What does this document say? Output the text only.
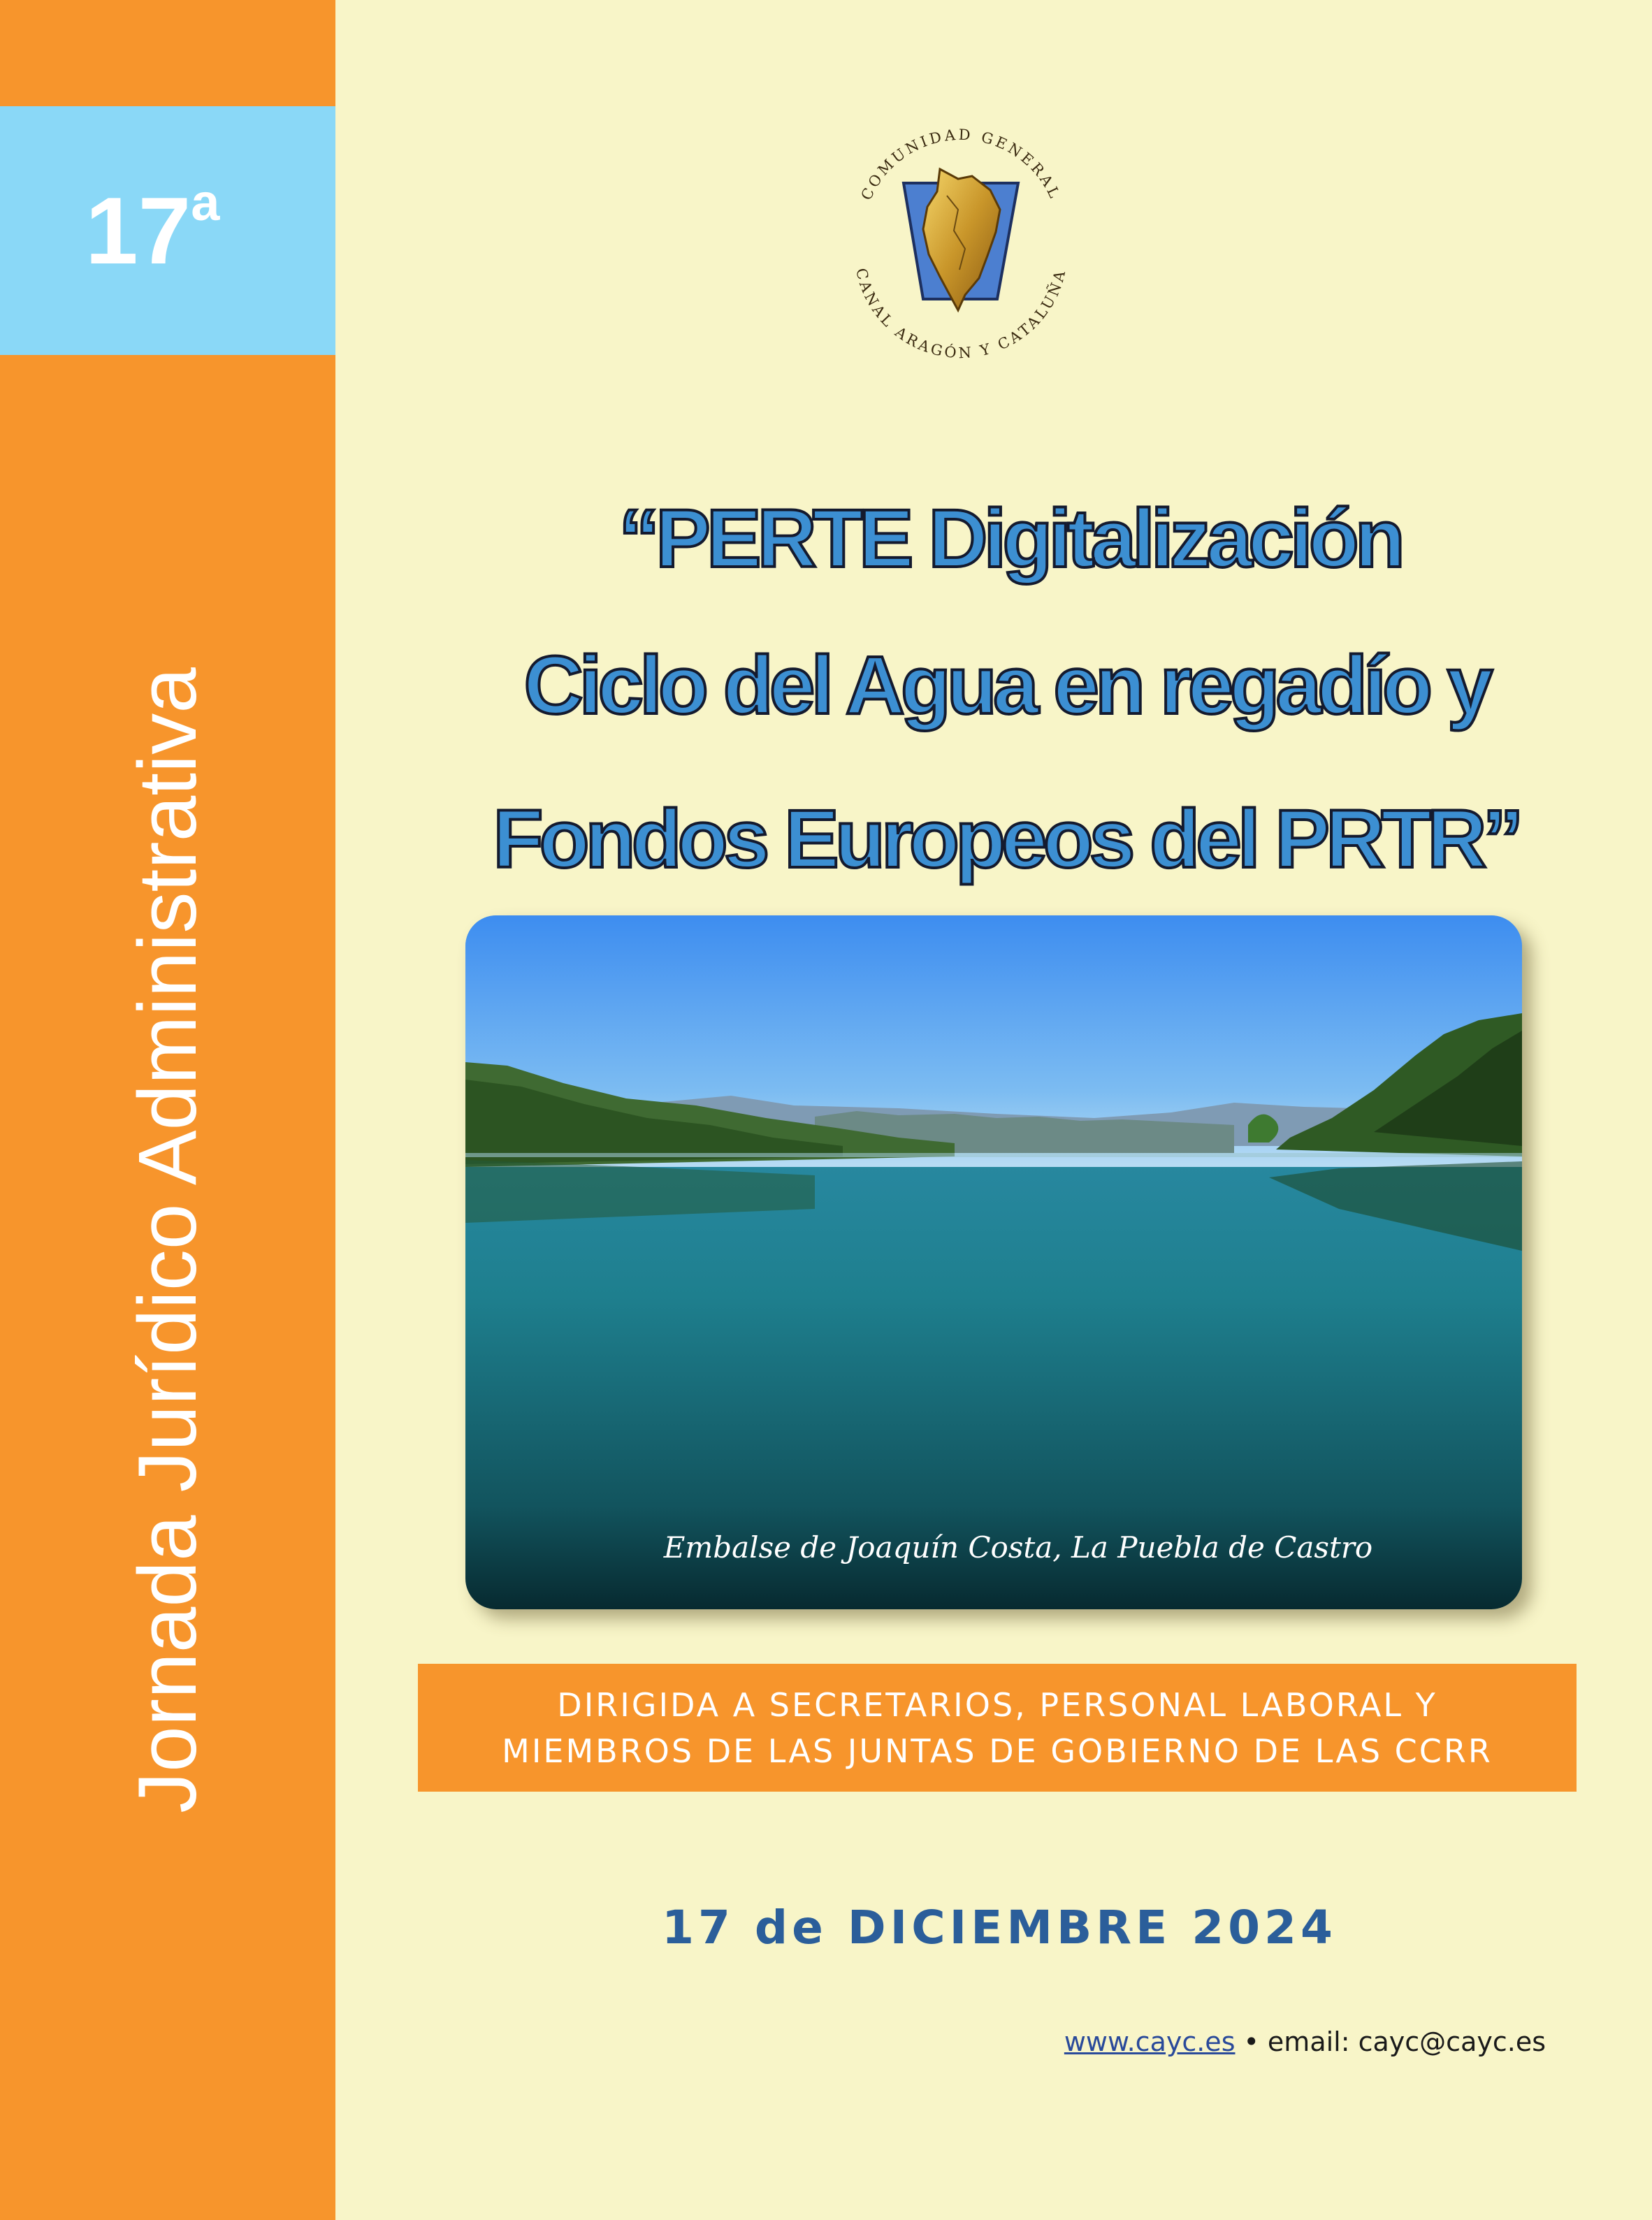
17$^a$
Jornada Jurídico Administrativa
COMUNIDAD GENERAL
CANAL ARAGÓN Y CATALUÑA
“PERTE Digitalización
Ciclo del Agua en regadío y
Fondos Europeos del PRTR”
Embalse de Joaquín Costa, La Puebla de Castro
DIRIGIDA A SECRETARIOS, PERSONAL LABORAL Y
MIEMBROS DE LAS JUNTAS DE GOBIERNO DE LAS CCRR
17 de DICIEMBRE 2024
www.cayc.es • email: cayc@cayc.es
